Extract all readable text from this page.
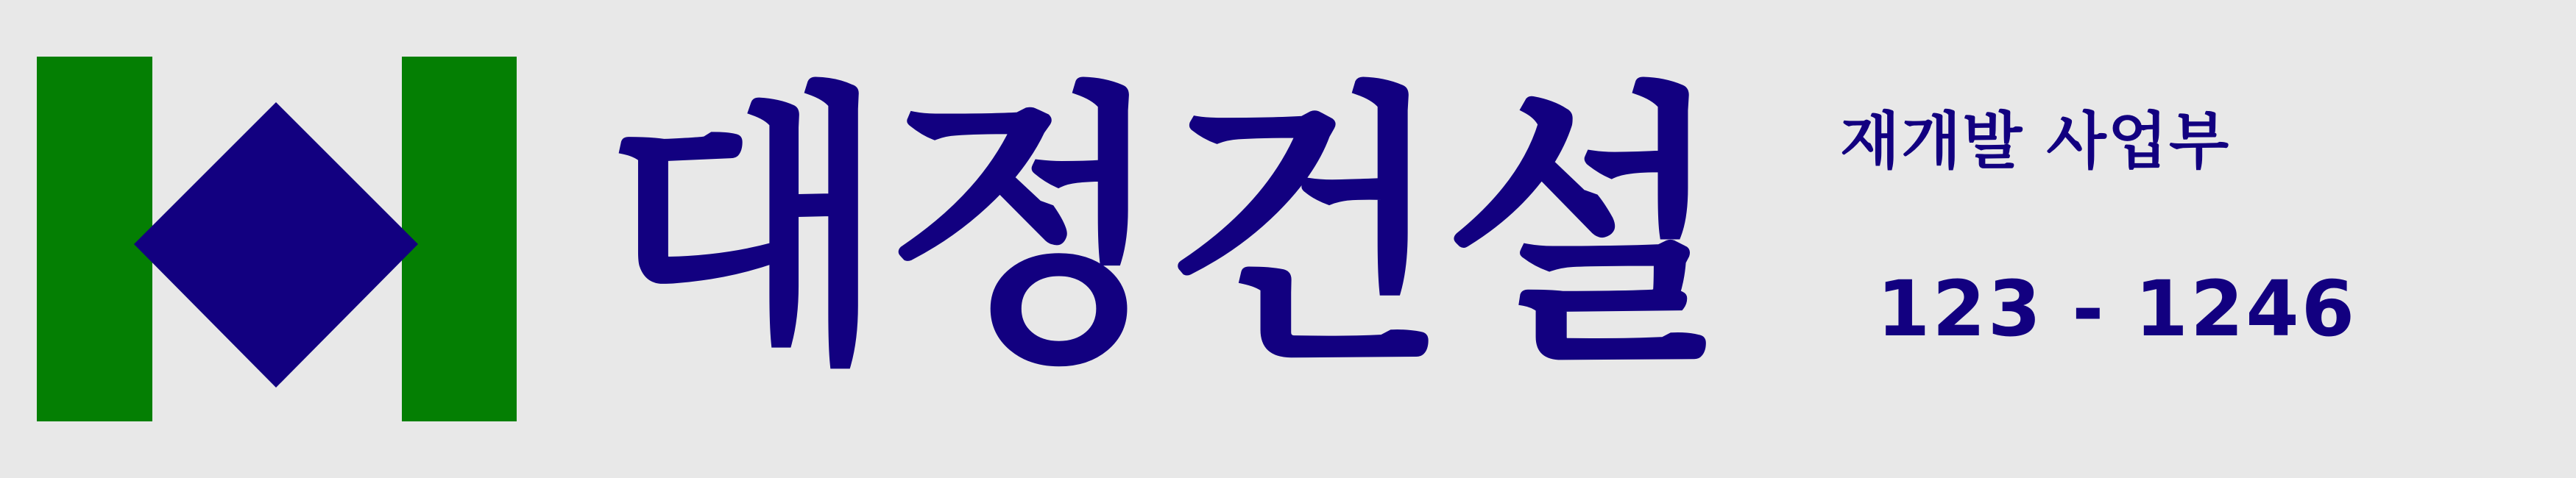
대정건설 재개발 사업부
123 - 1246
